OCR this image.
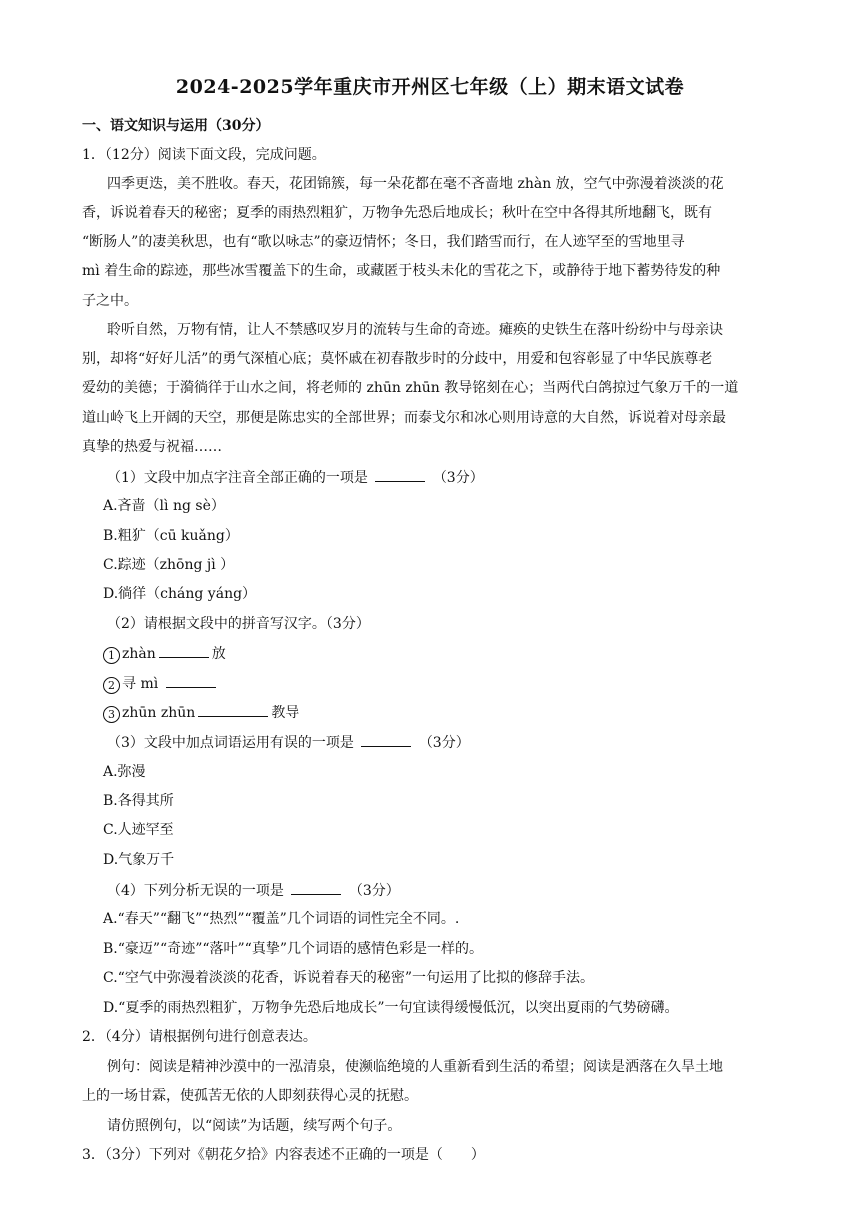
2024-2025学年重庆市开州区七年级（上）期末语文试卷
一、语文知识与运用（30分）
1．（12分）阅读下面文段，完成问题。
四季更迭，美不胜收。春天，花团锦簇，每一朵花都在毫不吝啬地 zhàn 放，空气中弥漫着淡淡的花
香，诉说着春天的秘密；夏季的雨热烈粗犷，万物争先恐后地成长；秋叶在空中各得其所地翻飞，既有
“断肠人”的凄美秋思，也有“歌以咏志”的豪迈情怀；冬日，我们踏雪而行，在人迹罕至的雪地里寻
mì 着生命的踪迹，那些冰雪覆盖下的生命，或藏匿于枝头未化的雪花之下，或静待于地下蓄势待发的种
子之中。
聆听自然，万物有情，让人不禁感叹岁月的流转与生命的奇迹。瘫痪的史铁生在落叶纷纷中与母亲诀
别，却将“好好儿活”的勇气深植心底；莫怀戚在初春散步时的分歧中，用爱和包容彰显了中华民族尊老
爱幼的美德；于漪徜徉于山水之间，将老师的 zhūn zhūn 教导铭刻在心；当两代白鸽掠过气象万千的一道
道山岭飞上开阔的天空，那便是陈忠实的全部世界；而泰戈尔和冰心则用诗意的大自然，诉说着对母亲最
真挚的热爱与祝福……
（1）文段中加点字注音全部正确的一项是	（3分）
A.吝啬（lì ng sè）
B.粗犷（cū kuǎng）
C.踪迹（zhōng jì ）
D.徜徉（cháng yáng）
（2）请根据文段中的拼音写汉字。（3分）
1 zhàn	放
2 寻 mì
3 zhūn zhūn	教导
（3）文段中加点词语运用有误的一项是	（3分）
A.弥漫
B.各得其所
C.人迹罕至
D.气象万千
（4）下列分析无误的一项是	（3分）
A.“春天”“翻飞”“热烈”“覆盖”几个词语的词性完全不同。.
B.“豪迈”“奇迹”“落叶”“真挚”几个词语的感情色彩是一样的。
C.“空气中弥漫着淡淡的花香，诉说着春天的秘密”一句运用了比拟的修辞手法。
D.“夏季的雨热烈粗犷，万物争先恐后地成长”一句宜读得缓慢低沉，以突出夏雨的气势磅礴。
2．（4分）请根据例句进行创意表达。
例句：阅读是精神沙漠中的一泓清泉，使濒临绝境的人重新看到生活的希望；阅读是洒落在久旱土地
上的一场甘霖，使孤苦无依的人即刻获得心灵的抚慰。
请仿照例句，以“阅读”为话题，续写两个句子。
3．（3分）下列对《朝花夕拾》内容表述不正确的一项是（　　）
